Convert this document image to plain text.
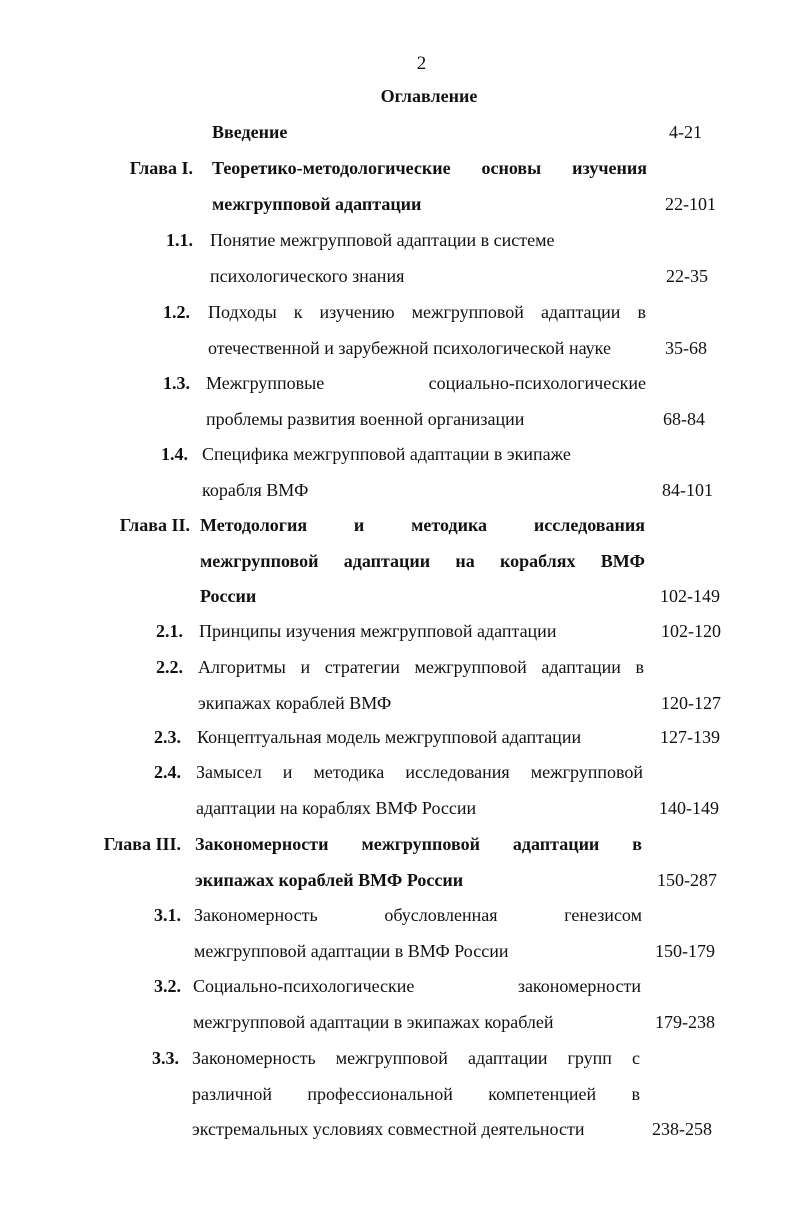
2
Оглавление
Введение	4-21
Глава I. Теоретико-методологические основы изучения
межгрупповой адаптации	22-101
1.1. Понятие межгрупповой адаптации в системе
психологического знания	22-35
1.2. Подходы к изучению межгрупповой адаптации в
отечественной и зарубежной психологической науке	35-68
1.3. Межгрупповые	социально-психологические
проблемы развития военной организации	68-84
1.4. Специфика межгрупповой адаптации в экипаже
корабля ВМФ	84-101
Глава II. Методология	и	методика	исследования
межгрупповой адаптации на кораблях ВМФ
России	102-149
2.1. Принципы изучения межгрупповой адаптации	102-120
2.2. Алгоритмы и стратегии межгрупповой адаптации в
экипажах кораблей ВМФ	120-127
2.3. Концептуальная модель межгрупповой адаптации	127-139
2.4. Замысел и методика исследования межгрупповой
адаптации на кораблях ВМФ России	140-149
Глава III. Закономерности межгрупповой адаптации в
экипажах кораблей ВМФ России	150-287
3.1. Закономерность	обусловленная	генезисом
межгрупповой адаптации в ВМФ России	150-179
3.2. Социально-психологические	закономерности
межгрупповой адаптации в экипажах кораблей	179-238
3.3. Закономерность межгрупповой адаптации групп с
различной профессиональной компетенцией в
экстремальных условиях совместной деятельности	238-258
